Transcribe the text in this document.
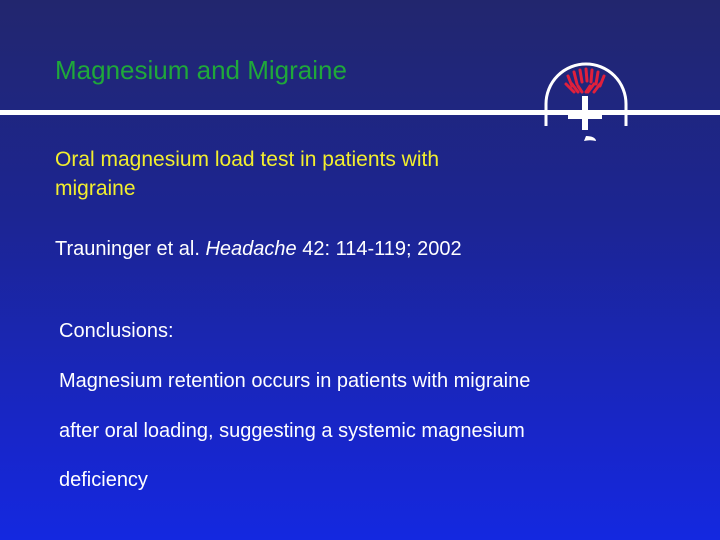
Magnesium and Migraine
Oral magnesium load test in patients with migraine
Trauninger et al. Headache 42: 114-119; 2002
Conclusions:
Magnesium retention occurs in patients with migraine
after oral loading, suggesting a systemic magnesium
deficiency
